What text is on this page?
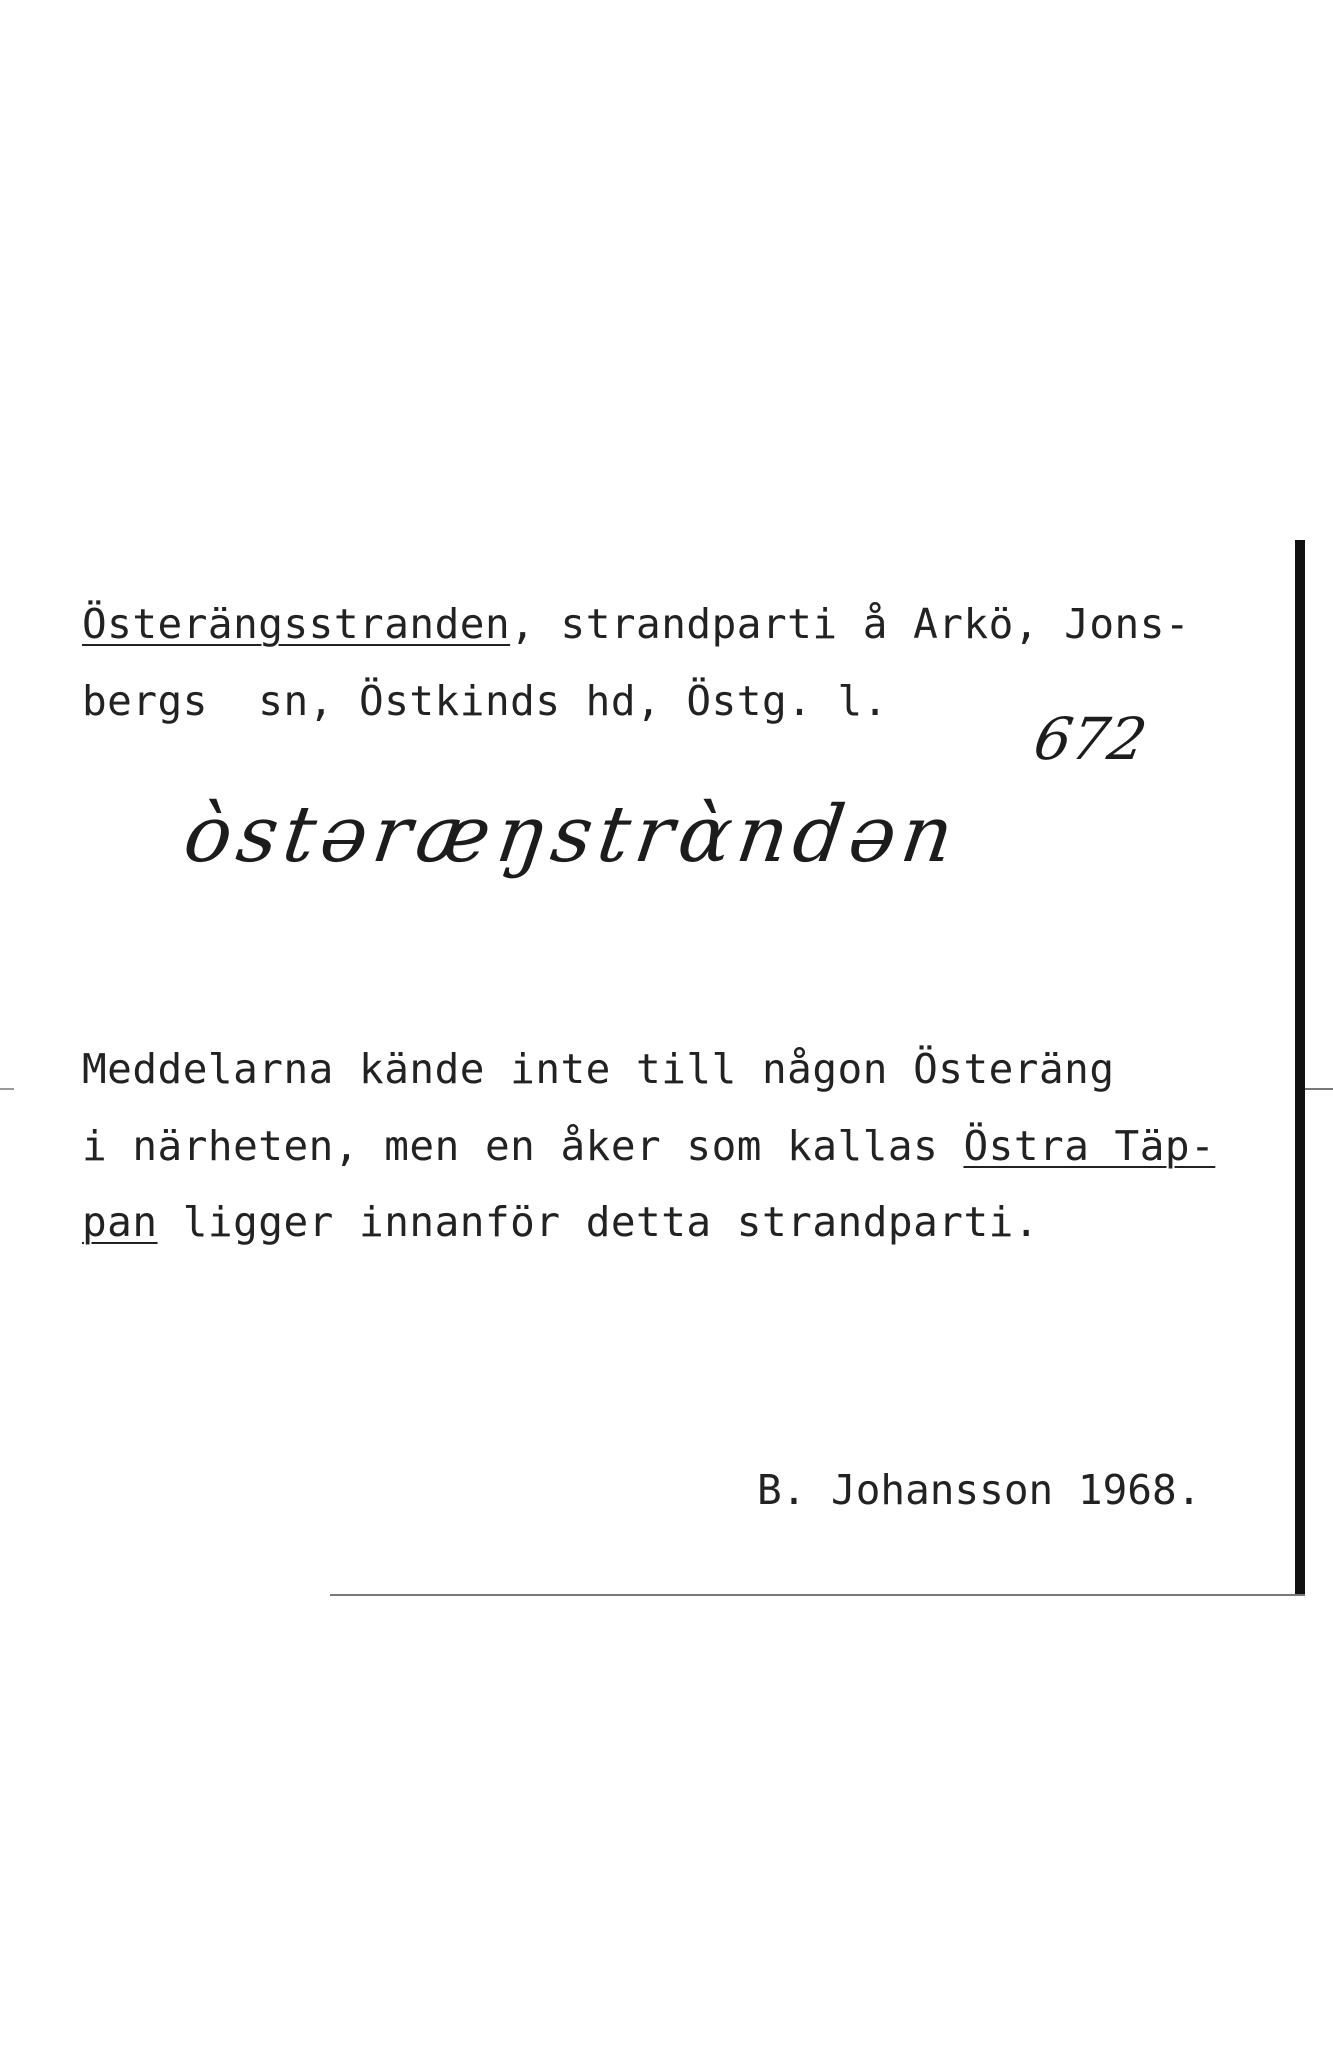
Österängsstranden, strandparti å Arkö, Jons-
bergs  sn, Östkinds hd, Östg. l.
672
ὸstəræŋstrὰndən
Meddelarna kände inte till någon Österäng
i närheten, men en åker som kallas Östra Täp-
pan ligger innanför detta strandparti.
B. Johansson 1968.
